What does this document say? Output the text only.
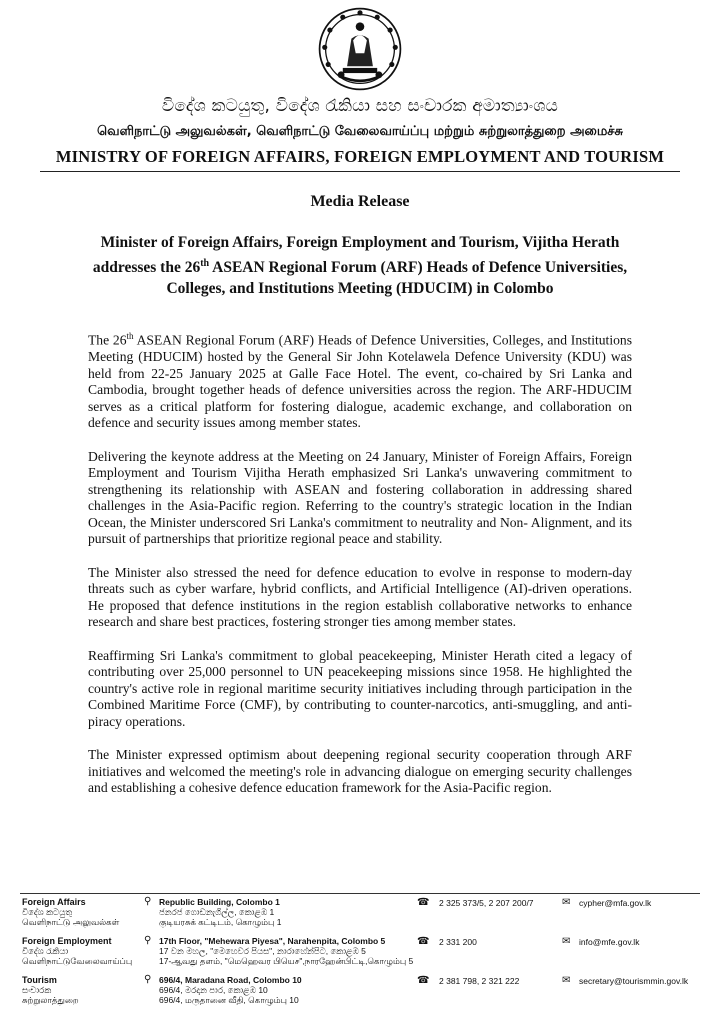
විදේශ කටයුතු, විදේශ රැකියා සහ සංචාරක අමාත්‍යාංශය
வெளிநாட்டு அலுவல்கள், வெளிநாட்டு வேலைவாய்ப்பு மற்றும் சுற்றுலாத்துறை அமைச்சு
MINISTRY OF FOREIGN AFFAIRS, FOREIGN EMPLOYMENT AND TOURISM
Media Release
Minister of Foreign Affairs, Foreign Employment and Tourism, Vijitha Herath addresses the 26th ASEAN Regional Forum (ARF) Heads of Defence Universities, Colleges, and Institutions Meeting (HDUCIM) in Colombo

The 26th ASEAN Regional Forum (ARF) Heads of Defence Universities, Colleges, and Institutions Meeting (HDUCIM) hosted by the General Sir John Kotelawela Defence University (KDU) was held from 22-25 January 2025 at Galle Face Hotel. The event, co-chaired by Sri Lanka and Cambodia, brought together heads of defence universities across the region. The ARF-HDUCIM serves as a critical platform for fostering dialogue, academic exchange, and collaboration on defence and security issues among member states.

Delivering the keynote address at the Meeting on 24 January, Minister of Foreign Affairs, Foreign Employment and Tourism Vijitha Herath emphasized Sri Lanka's unwavering commitment to strengthening its relationship with ASEAN and fostering collaboration in addressing shared challenges in the Asia-Pacific region. Referring to the country's strategic location in the Indian Ocean, the Minister underscored Sri Lanka's commitment to neutrality and Non- Alignment, and its pursuit of partnerships that prioritize regional peace and stability.

The Minister also stressed the need for defence education to evolve in response to modern-day threats such as cyber warfare, hybrid conflicts, and Artificial Intelligence (AI)-driven operations. He proposed that defence institutions in the region establish collaborative networks to enhance research and share best practices, fostering stronger ties among member states.

Reaffirming Sri Lanka's commitment to global peacekeeping, Minister Herath cited a legacy of contributing over 25,000 personnel to UN peacekeeping missions since 1958. He highlighted the country's active role in regional maritime security initiatives including through participation in the Combined Maritime Force (CMF), by contributing to counter-narcotics, anti-smuggling, and anti-piracy operations.

The Minister expressed optimism about deepening regional security cooperation through ARF initiatives and welcomed the meeting's role in advancing dialogue on emerging security challenges and establishing a cohesive defence education framework for the Asia-Pacific region.

Foreign Affairs
විදේශ කටයුතු
வெளிநாட்டு அலுவல்கள்
⚲ Republic Building, Colombo 1
ජනරජ ගොඩනැගිල්ල, කොළඹ 1
குடியரசுக் கட்டிடம், கொழும்பு 1
☎ 2 325 373/5, 2 207 200/7	✉ cypher@mfa.gov.lk
Foreign Employment
විදේශ රැකියා
வெளிநாட்டுவேலைவாய்ப்பு
⚲ 17th Floor, "Mehewara Piyesa", Narahenpita, Colombo 5
17 වන මහල, "මෙහෙවර පියස", නාරාහේන්පිට, කොළඹ 5
17-ஆவது தளம், "மெஹெவர பியெச",நாரஹேன்பிட்டி,கொழும்பு 5
☎ 2 331 200	✉ info@mfe.gov.lk
Tourism
සංචාරක
சுற்றுலாத்துறை
⚲ 696/4, Maradana Road, Colombo 10
696/4, මරදාන පාර, කොළඹ 10
696/4, மருதானை வீதி, கொழும்பு 10
☎ 2 381 798, 2 321 222	✉ secretary@tourismmin.gov.lk
